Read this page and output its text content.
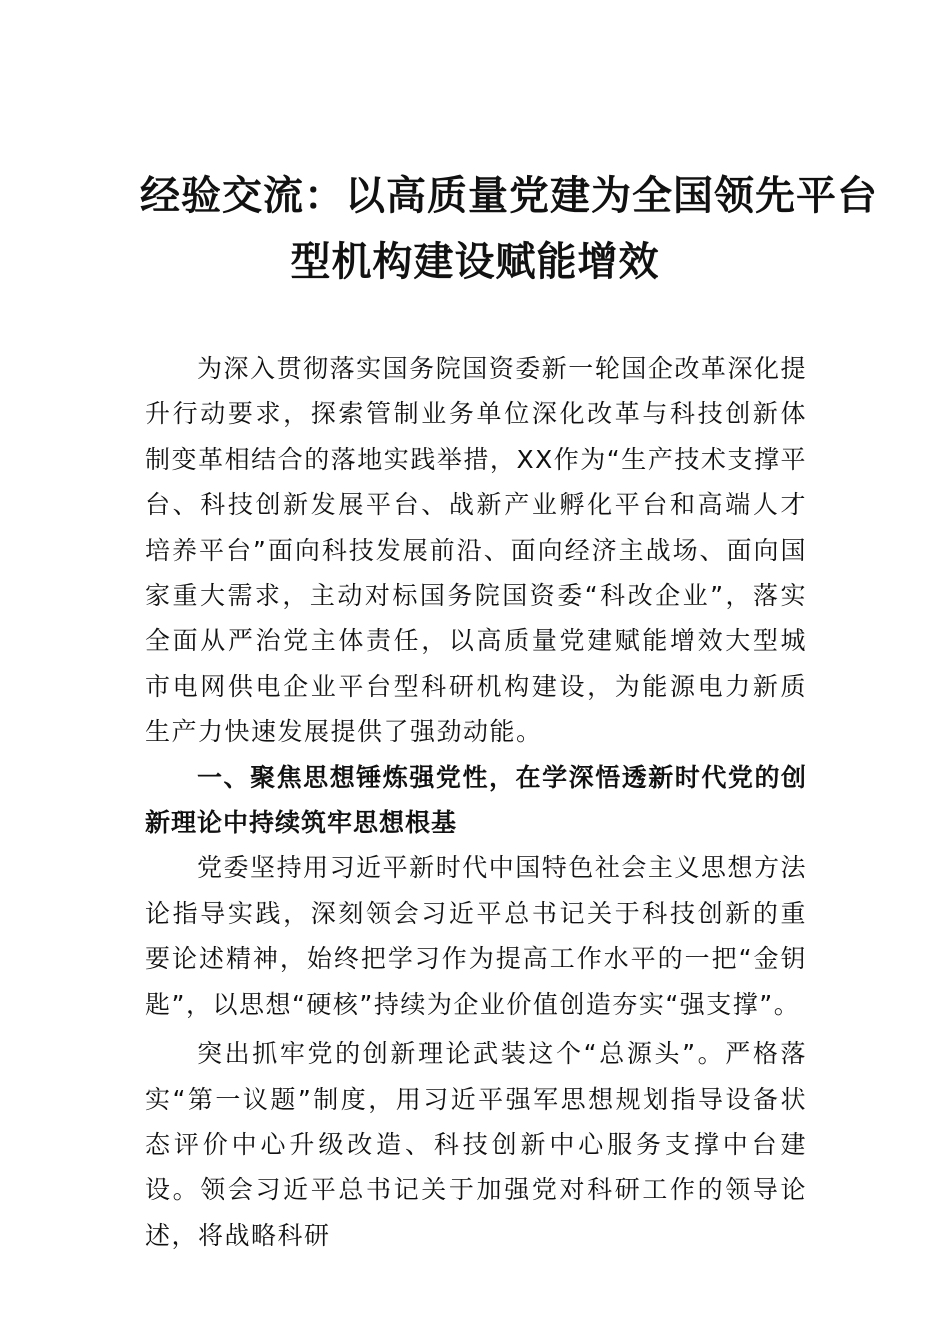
经验交流：以高质量党建为全国领先平台
型机构建设赋能增效

为深入贯彻落实国务院国资委新一轮国企改革深化提升行动要求，探索管制业务单位深化改革与科技创新体制变革相结合的落地实践举措，XX作为“生产技术支撑平台、科技创新发展平台、战新产业孵化平台和高端人才培养平台”面向科技发展前沿、面向经济主战场、面向国家重大需求，主动对标国务院国资委“科改企业”，落实全面从严治党主体责任，以高质量党建赋能增效大型城市电网供电企业平台型科研机构建设，为能源电力新质生产力快速发展提供了强劲动能。

一、聚焦思想锤炼强党性，在学深悟透新时代党的创新理论中持续筑牢思想根基

党委坚持用习近平新时代中国特色社会主义思想方法论指导实践，深刻领会习近平总书记关于科技创新的重要论述精神，始终把学习作为提高工作水平的一把“金钥匙”，以思想“硬核”持续为企业价值创造夯实“强支撑”。

突出抓牢党的创新理论武装这个“总源头”。严格落实“第一议题”制度，用习近平强军思想规划指导设备状态评价中心升级改造、科技创新中心服务支撑中台建设。领会习近平总书记关于加强党对科研工作的领导论述，将战略科研
